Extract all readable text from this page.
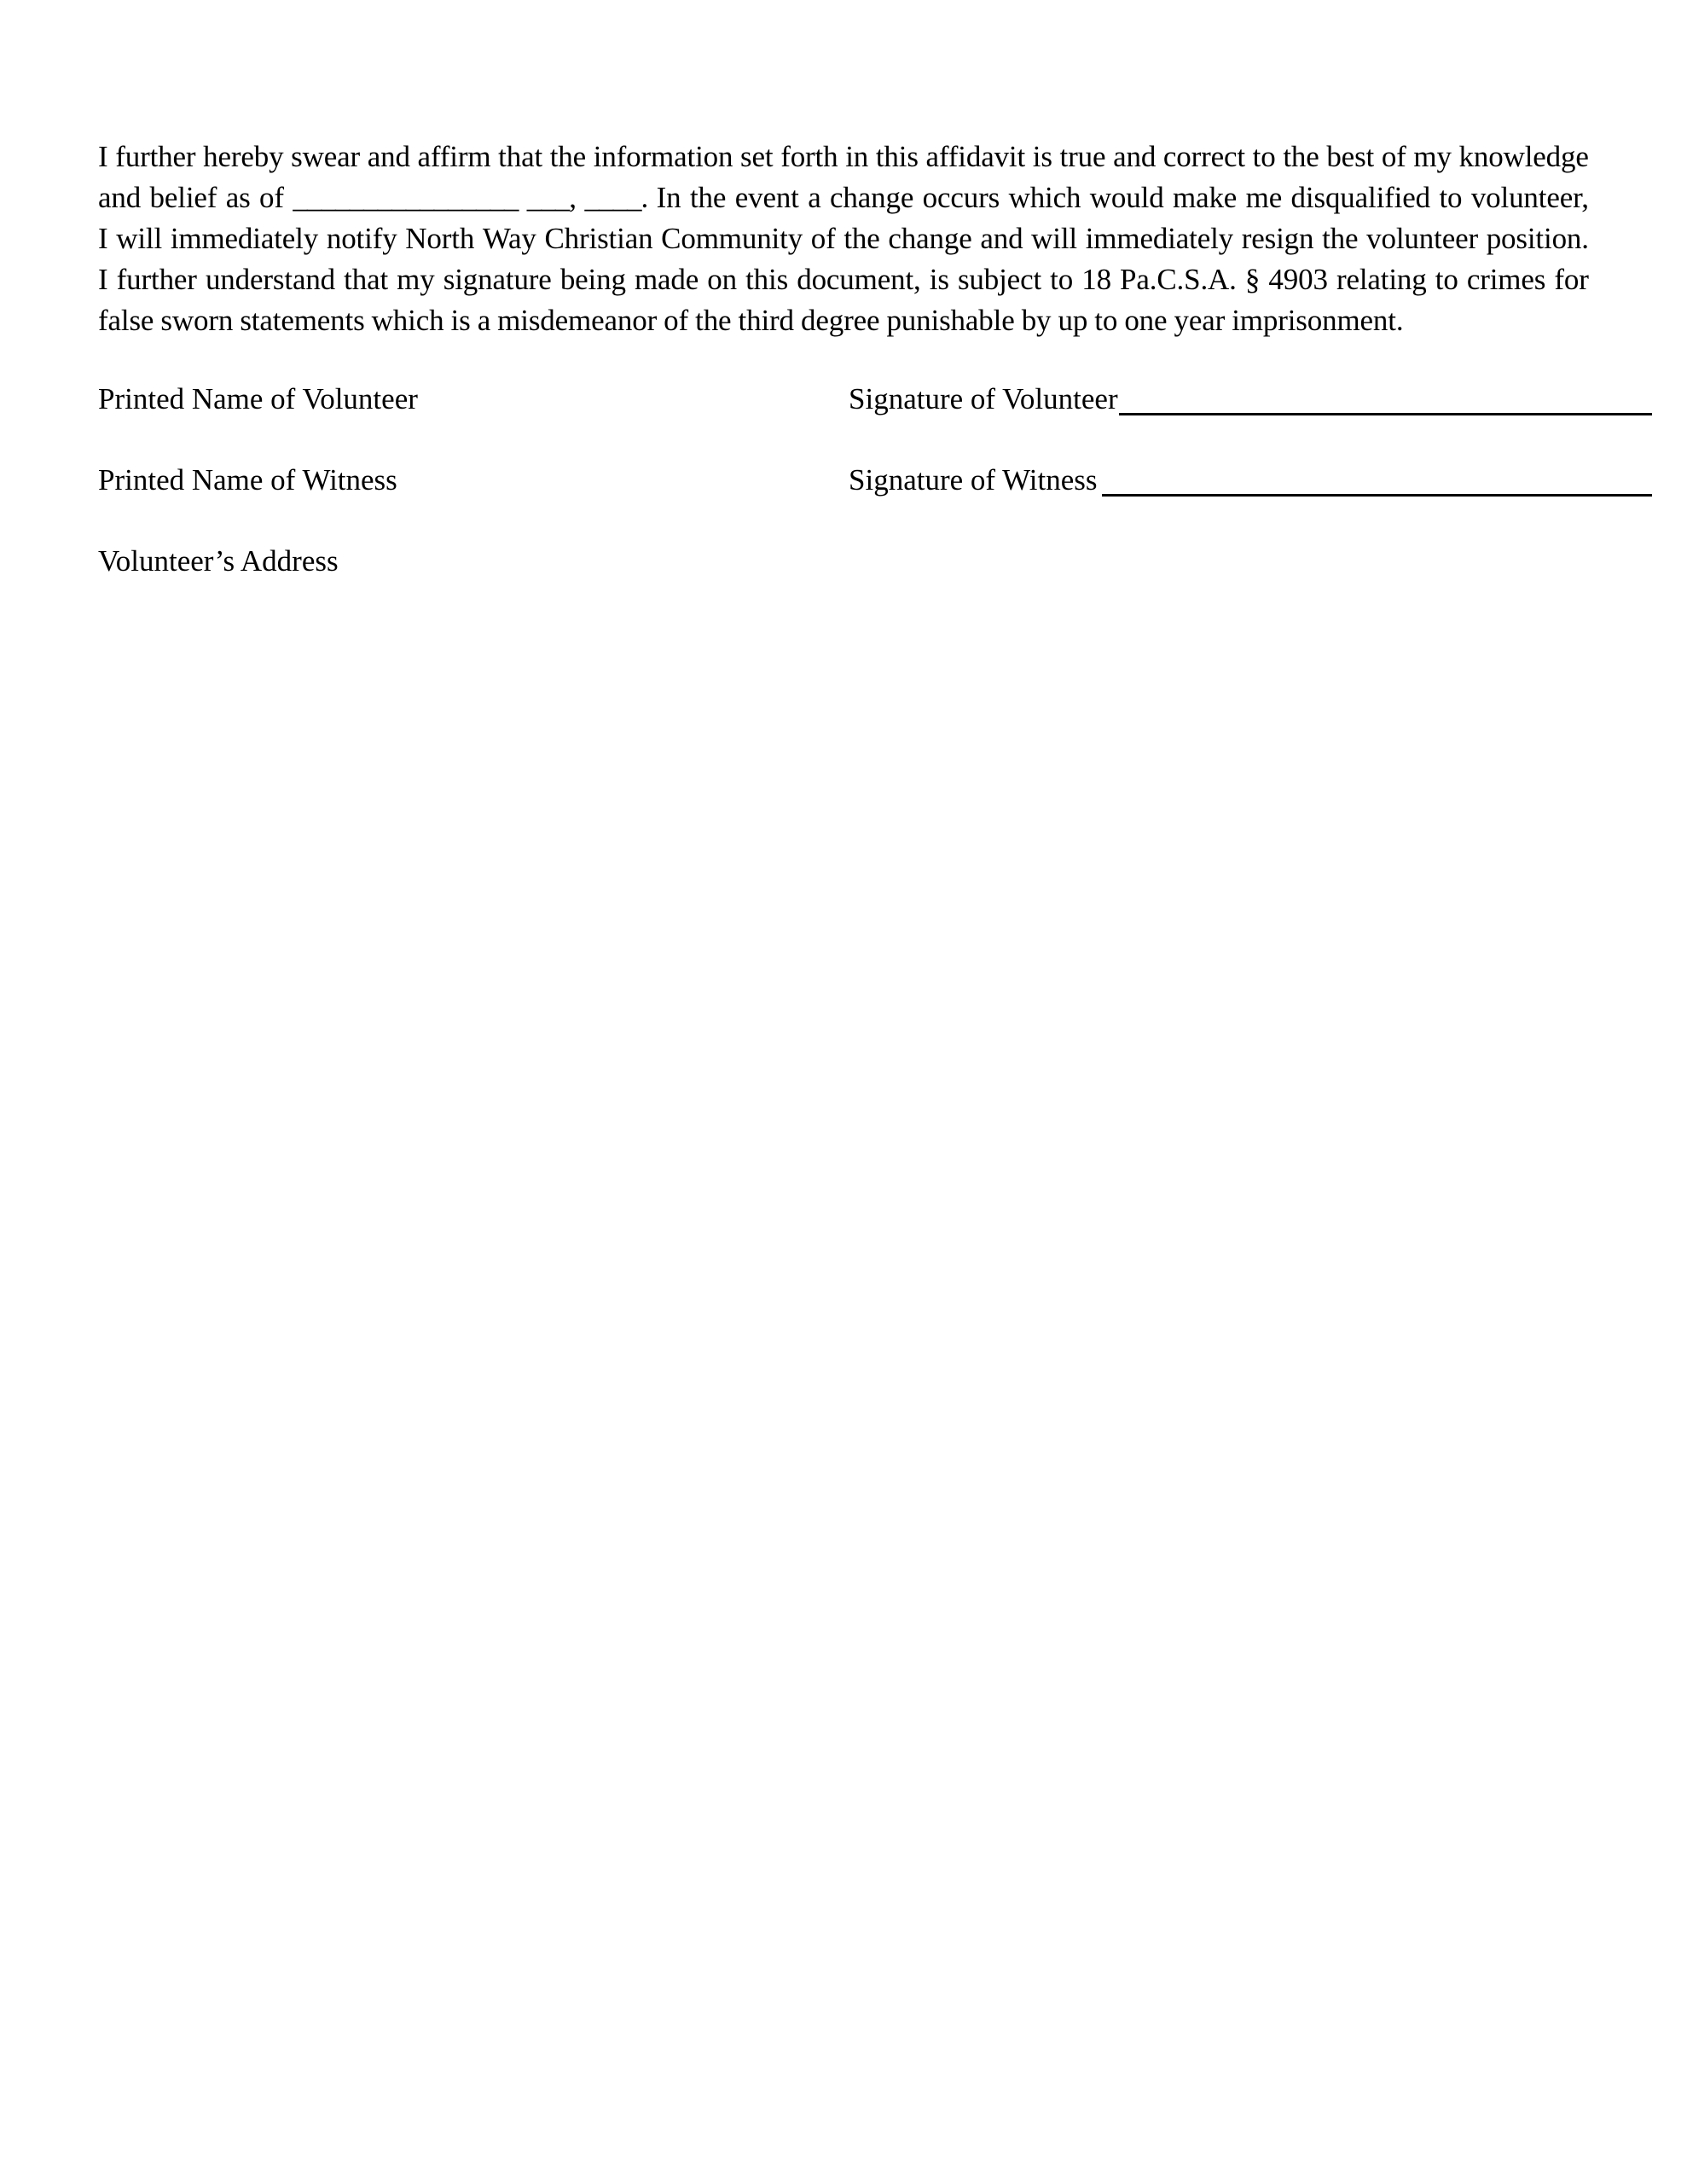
I further hereby swear and affirm that the information set forth in this affidavit is true and correct to the best of my knowledge
and belief as of ________________ ___, ____. In the event a change occurs which would make me disqualified to volunteer,
I will immediately notify North Way Christian Community of the change and will immediately resign the volunteer position.
I further understand that my signature being made on this document, is subject to 18 Pa.C.S.A. § 4903 relating to crimes for
false sworn statements which is a misdemeanor of the third degree punishable by up to one year imprisonment.
Printed Name of Volunteer	Signature of Volunteer
Printed Name of Witness	Signature of Witness
Volunteer’s Address
